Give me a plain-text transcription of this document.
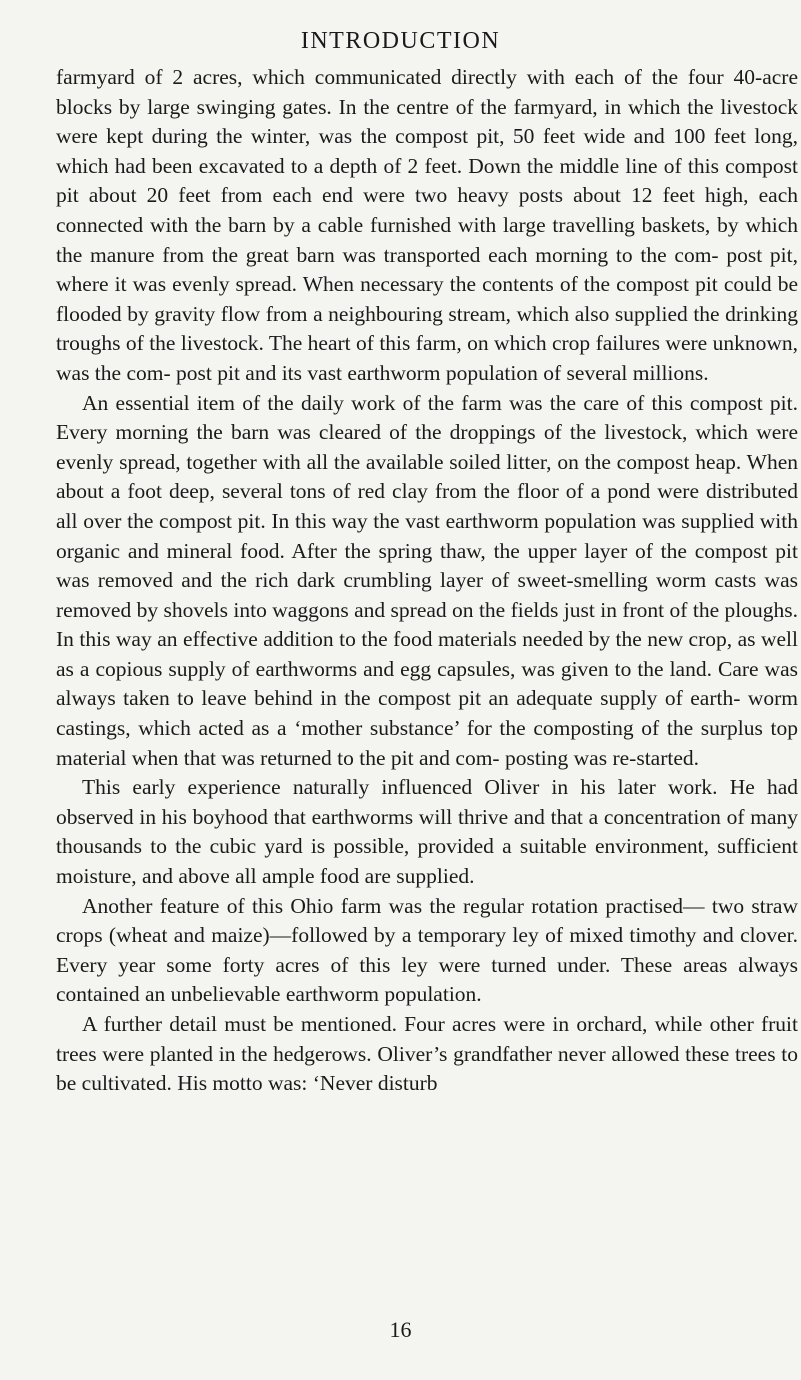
INTRODUCTION

farmyard of 2 acres, which communicated directly with each of the four 40-acre blocks by large swinging gates. In the centre of the farmyard, in which the livestock were kept during the winter, was the compost pit, 50 feet wide and 100 feet long, which had been excavated to a depth of 2 feet. Down the middle line of this compost pit about 20 feet from each end were two heavy posts about 12 feet high, each connected with the barn by a cable furnished with large travelling baskets, by which the manure from the great barn was transported each morning to the com- post pit, where it was evenly spread. When necessary the contents of the compost pit could be flooded by gravity flow from a neighbouring stream, which also supplied the drinking troughs of the livestock. The heart of this farm, on which crop failures were unknown, was the com- post pit and its vast earthworm population of several millions.

An essential item of the daily work of the farm was the care of this compost pit. Every morning the barn was cleared of the droppings of the livestock, which were evenly spread, together with all the available soiled litter, on the compost heap. When about a foot deep, several tons of red clay from the floor of a pond were distributed all over the compost pit. In this way the vast earthworm population was supplied with organic and mineral food. After the spring thaw, the upper layer of the compost pit was removed and the rich dark crumbling layer of sweet-smelling worm casts was removed by shovels into waggons and spread on the fields just in front of the ploughs. In this way an effective addition to the food materials needed by the new crop, as well as a copious supply of earthworms and egg capsules, was given to the land. Care was always taken to leave behind in the compost pit an adequate supply of earth- worm castings, which acted as a ‘mother substance’ for the composting of the surplus top material when that was returned to the pit and com- posting was re-started.

This early experience naturally influenced Oliver in his later work. He had observed in his boyhood that earthworms will thrive and that a concentration of many thousands to the cubic yard is possible, provided a suitable environment, sufficient moisture, and above all ample food are supplied.

Another feature of this Ohio farm was the regular rotation practised— two straw crops (wheat and maize)—followed by a temporary ley of mixed timothy and clover. Every year some forty acres of this ley were turned under. These areas always contained an unbelievable earthworm population.

A further detail must be mentioned. Four acres were in orchard, while other fruit trees were planted in the hedgerows. Oliver’s grandfather never allowed these trees to be cultivated. His motto was: ‘Never disturb

16
